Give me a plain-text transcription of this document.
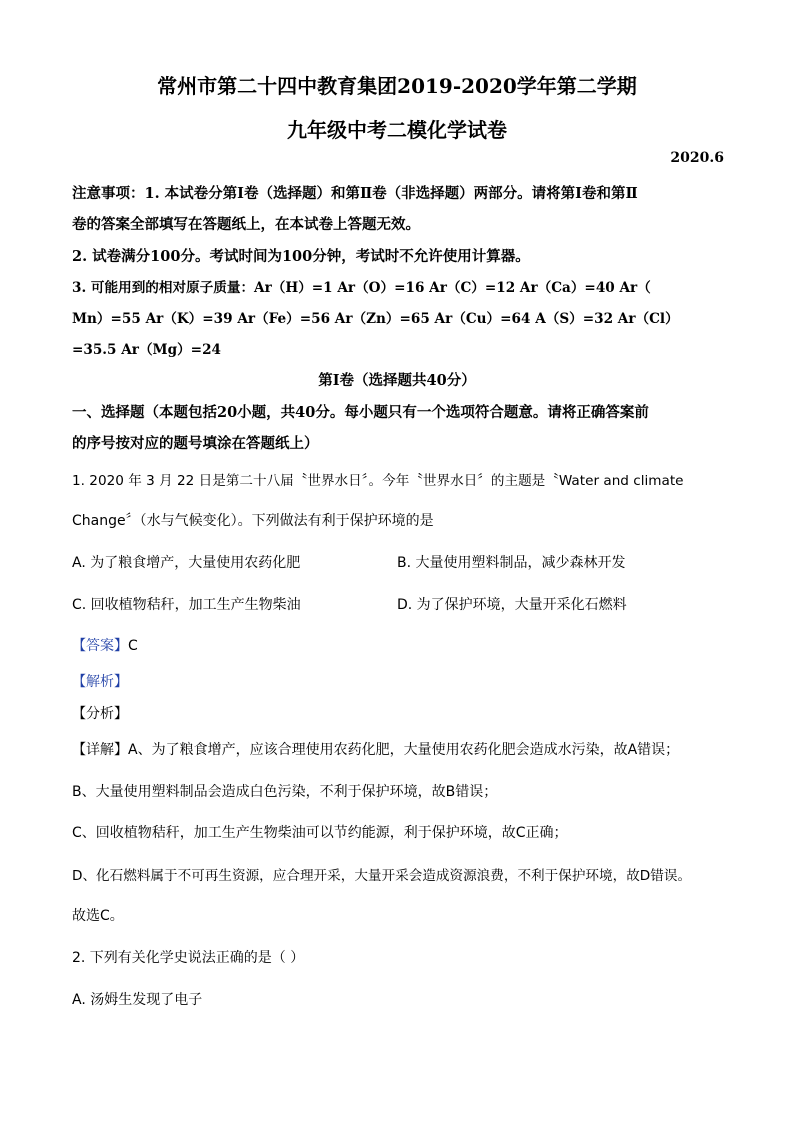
常州市第二十四中教育集团2019-2020学年第二学期
九年级中考二模化学试卷
2020.6
注意事项：1. 本试卷分第Ⅰ卷（选择题）和第Ⅱ卷（非选择题）两部分。请将第Ⅰ卷和第Ⅱ
卷的答案全部填写在答题纸上，在本试卷上答题无效。
2. 试卷满分100分。考试时间为100分钟，考试时不允许使用计算器。
3. 可能用到的相对原子质量：Ar（H）=1 Ar（O）=16 Ar（C）=12 Ar（Ca）=40 Ar（
Mn）=55 Ar（K）=39 Ar（Fe）=56 Ar（Zn）=65 Ar（Cu）=64 A（S）=32 Ar（Cl）
=35.5 Ar（Mg）=24
第Ⅰ卷（选择题共40分）
一、选择题（本题包括20小题，共40分。每小题只有一个选项符合题意。请将正确答案前
的序号按对应的题号填涂在答题纸上）
1. 2020 年 3 月 22 日是第二十八届〝世界水日〞。今年〝世界水日〞的主题是〝Water and climate
Change〞（水与气候变化）。下列做法有利于保护环境的是
A. 为了粮食增产，大量使用农药化肥	B. 大量使用塑料制品，减少森林开发
C. 回收植物秸秆，加工生产生物柴油	D. 为了保护环境，大量开采化石燃料
【答案】C
【解析】
【分析】
【详解】A、为了粮食增产，应该合理使用农药化肥，大量使用农药化肥会造成水污染，故A错误；
B、大量使用塑料制品会造成白色污染，不利于保护环境，故B错误；
C、回收植物秸秆，加工生产生物柴油可以节约能源，利于保护环境，故C正确；
D、化石燃料属于不可再生资源，应合理开采，大量开采会造成资源浪费，不利于保护环境，故D错误。
故选C。
2. 下列有关化学史说法正确的是（ ）
A. 汤姆生发现了电子
